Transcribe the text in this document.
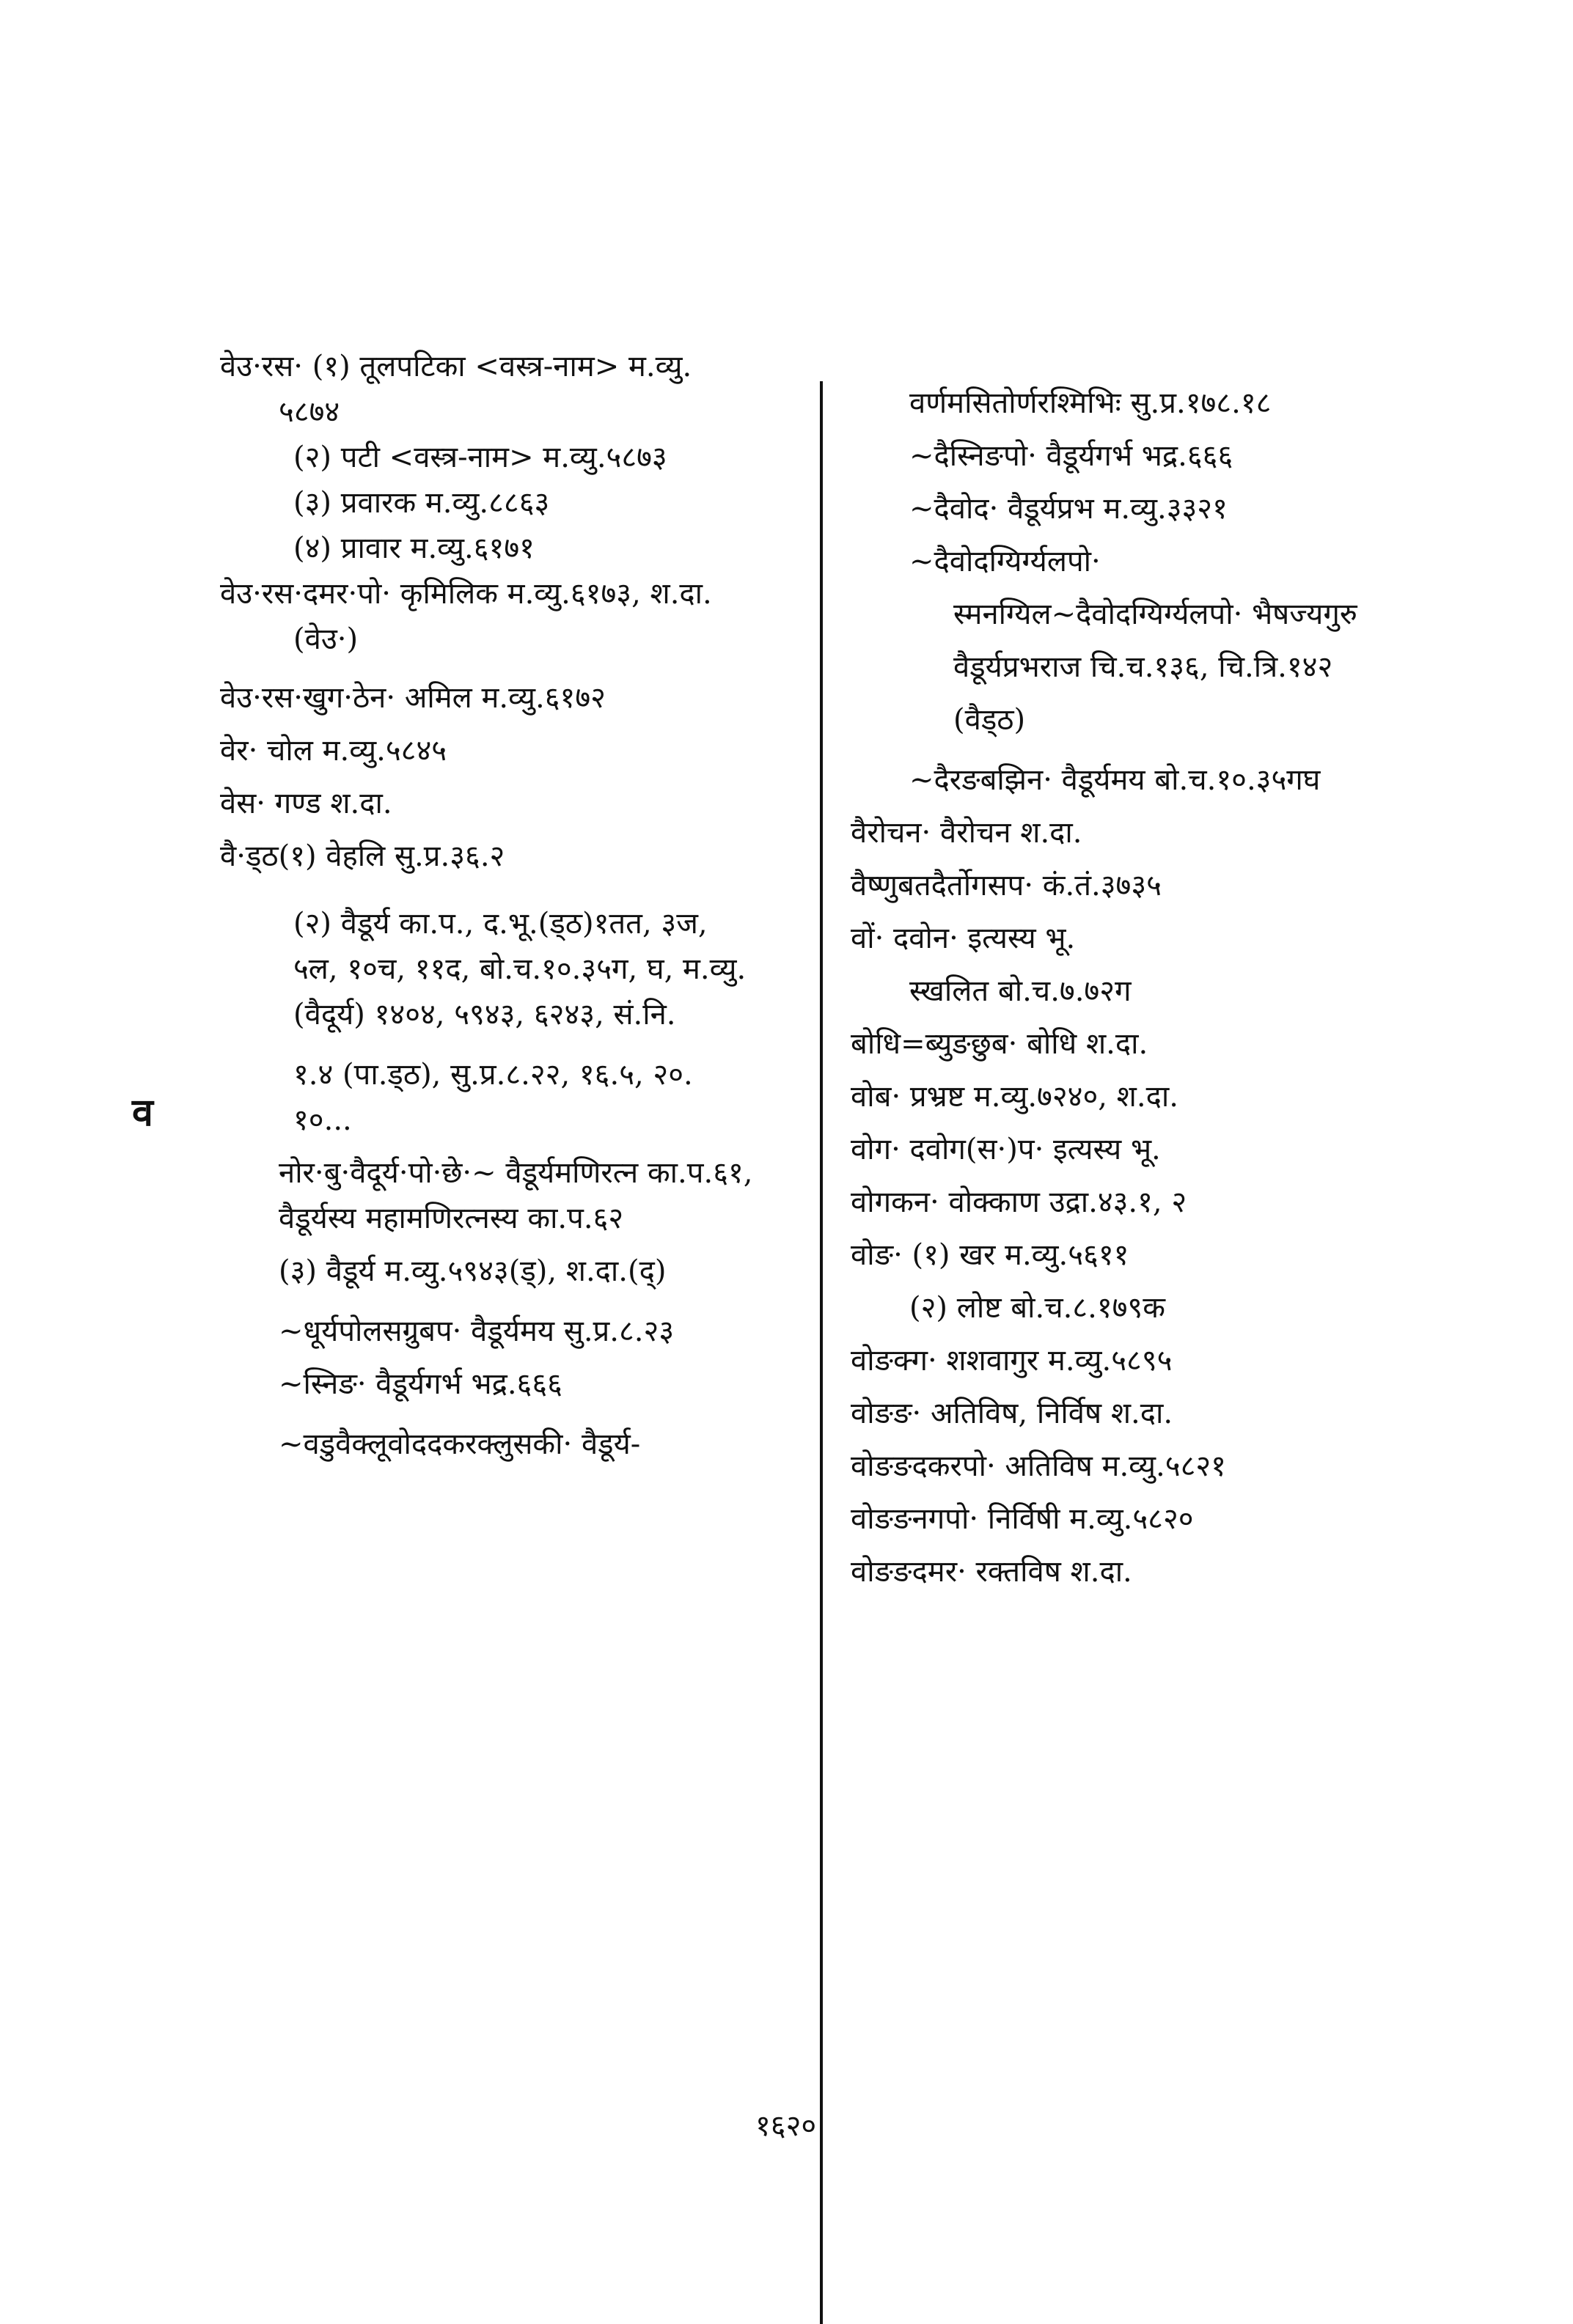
व
वेउ·रस· (१) तूलपटिका <वस्त्र-नाम> म.व्यु.
५८७४
(२) पटी <वस्त्र-नाम> म.व्यु.५८७३
(३) प्रवारक म.व्यु.८८६३
(४) प्रावार म.व्यु.६१७१
वेउ·रस·दमर·पो· कृमिलिक म.व्यु.६१७३, श.दा.
(वेउ·)
वेउ·रस·खुग·ठेन· अमिल म.व्यु.६१७२
वेर· चोल म.व्यु.५८४५
वेस· गण्ड श.दा.
वै·ड्ठ(१) वेहलि सु.प्र.३६.२
(२) वैडूर्य का.प., द.भू.(ड्ठ)१तत, ३ज,
५ल, १०च, ११द, बो.च.१०.३५ग, घ, म.व्यु.
(वैदूर्य) १४०४, ५९४३, ६२४३, सं.नि.
१.४ (पा.ड्ठ), सु.प्र.८.२२, १६.५, २०.
१०...
नोर·बु·वैदूर्य·पो·छे·~ वैडूर्यमणिरत्न का.प.६१,
वैडूर्यस्य महामणिरत्नस्य का.प.६२
(३) वैडूर्य म.व्यु.५९४३(ड्), श.दा.(द्)
~धूर्यपोलसग्रुबप· वैडूर्यमय सु.प्र.८.२३
~स्निङ· वैडूर्यगर्भ भद्र.६६६
~वडुवैक्लूवोददकरक्लुसकी· वैडूर्य-
वर्णमसितोर्णरश्मिभिः सु.प्र.१७८.१८
~दैस्निङपो· वैडूर्यगर्भ भद्र.६६६
~दैवोद· वैडूर्यप्रभ म.व्यु.३३२१
~दैवोदग्यिर्ग्यलपो·
स्मनग्यिल~दैवोदग्यिर्ग्यलपो· भैषज्यगुरु
वैडूर्यप्रभराज चि.च.१३६, चि.त्रि.१४२
(वैड्ठ)
~दैरङबझिन· वैडूर्यमय बो.च.१०.३५गघ
वैरोचन· वैरोचन श.दा.
वैष्णुबतदैर्तोगसप· कं.तं.३७३५
वों· दवोन· इत्यस्य भू.
स्खलित बो.च.७.७२ग
बोधि=ब्युङछुब· बोधि श.दा.
वोब· प्रभ्रष्ट म.व्यु.७२४०, श.दा.
वोग· दवोग(स·)प· इत्यस्य भू.
वोगकन· वोक्काण उद्रा.४३.१, २
वोङ· (१) खर म.व्यु.५६११
(२) लोष्ट बो.च.८.१७९क
वोङक्ग· शशवागुर म.व्यु.५८९५
वोङङ· अतिविष, निर्विष श.दा.
वोङङदकरपो· अतिविष म.व्यु.५८२१
वोङङनगपो· निर्विषी म.व्यु.५८२०
वोङङदमर· रक्तविष श.दा.
१६२०
